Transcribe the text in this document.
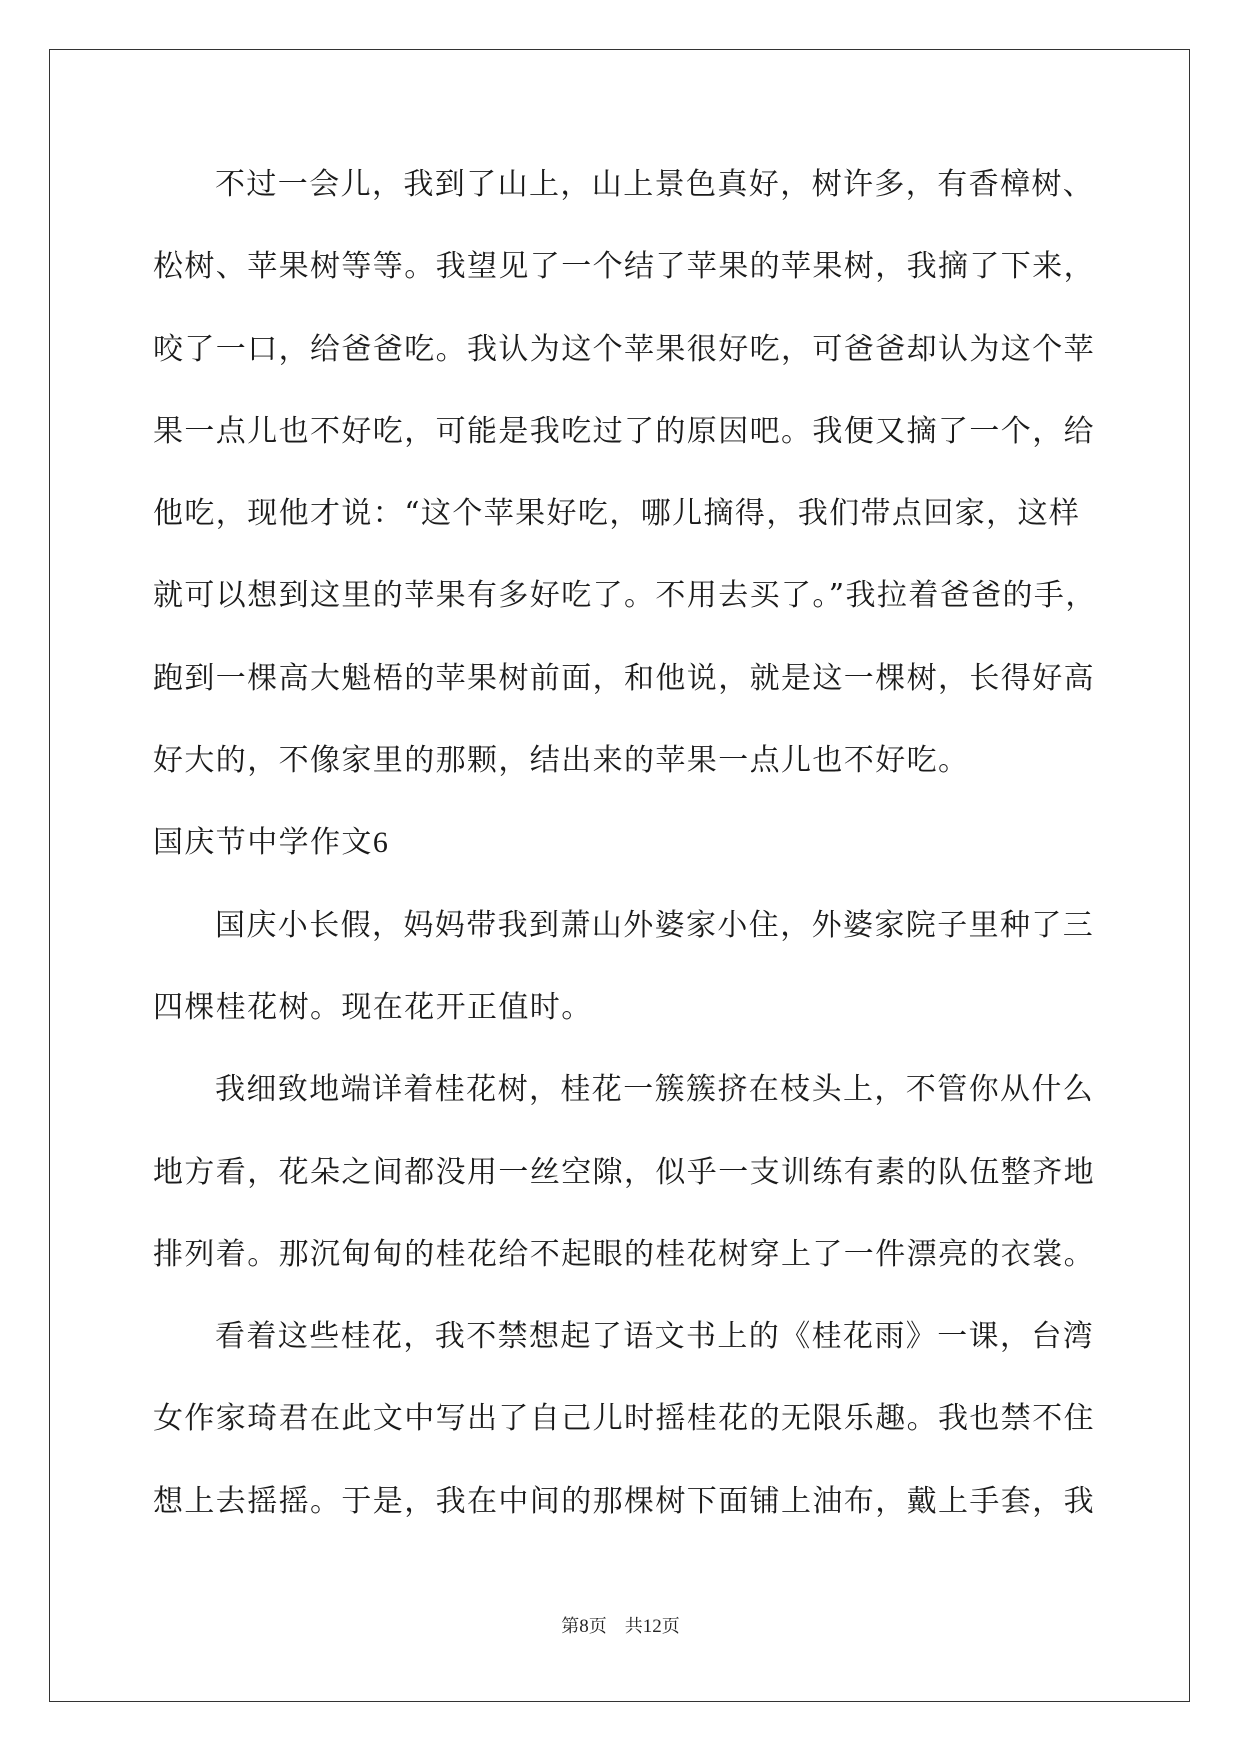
不过一会儿，我到了山上，山上景色真好，树许多，有香樟树、
松树、苹果树等等。我望见了一个结了苹果的苹果树，我摘了下来，
咬了一口，给爸爸吃。我认为这个苹果很好吃，可爸爸却认为这个苹
果一点儿也不好吃，可能是我吃过了的原因吧。我便又摘了一个，给
他吃，现他才说：“这个苹果好吃，哪儿摘得，我们带点回家，这样
就可以想到这里的苹果有多好吃了。不用去买了。”我拉着爸爸的手，
跑到一棵高大魁梧的苹果树前面，和他说，就是这一棵树，长得好高
好大的，不像家里的那颗，结出来的苹果一点儿也不好吃。
国庆节中学作文6
国庆小长假，妈妈带我到萧山外婆家小住，外婆家院子里种了三
四棵桂花树。现在花开正值时。
我细致地端详着桂花树，桂花一簇簇挤在枝头上，不管你从什么
地方看，花朵之间都没用一丝空隙，似乎一支训练有素的队伍整齐地
排列着。那沉甸甸的桂花给不起眼的桂花树穿上了一件漂亮的衣裳。
看着这些桂花，我不禁想起了语文书上的《桂花雨》一课，台湾
女作家琦君在此文中写出了自己儿时摇桂花的无限乐趣。我也禁不住
想上去摇摇。于是，我在中间的那棵树下面铺上油布，戴上手套，我
第8页 共12页
